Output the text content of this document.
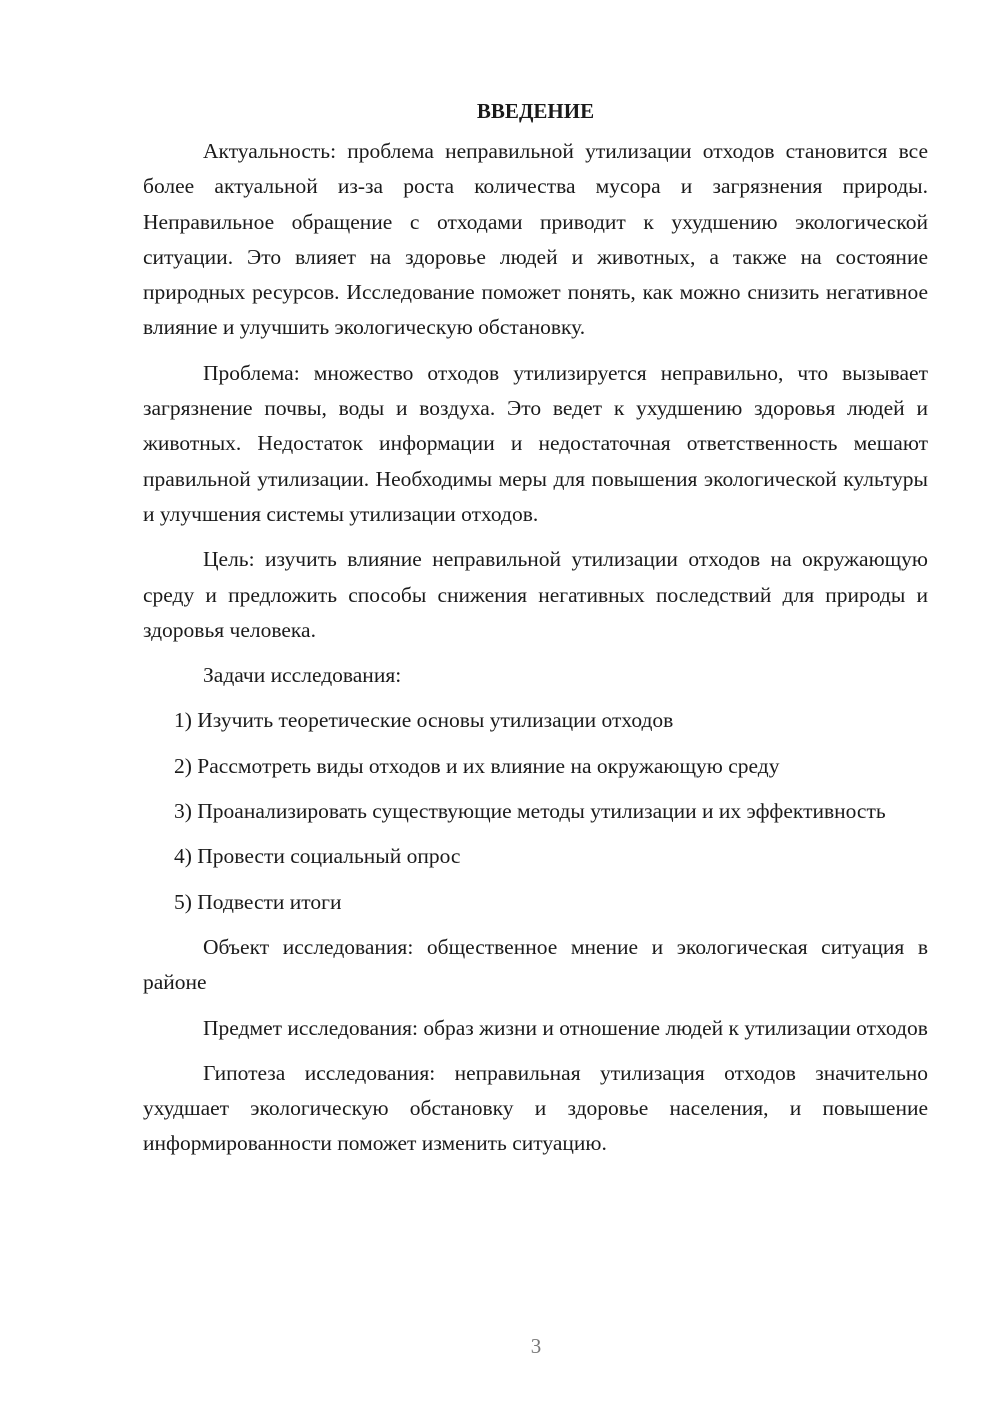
ВВЕДЕНИЕ

Актуальность: проблема неправильной утилизации отходов становится все более актуальной из-за роста количества мусора и загрязнения природы. Неправильное обращение с отходами приводит к ухудшению экологической ситуации. Это влияет на здоровье людей и животных, а также на состояние природных ресурсов. Исследование поможет понять, как можно снизить негативное влияние и улучшить экологическую обстановку.

Проблема: множество отходов утилизируется неправильно, что вызывает загрязнение почвы, воды и воздуха. Это ведет к ухудшению здоровья людей и животных. Недостаток информации и недостаточная ответственность мешают правильной утилизации. Необходимы меры для повышения экологической культуры и улучшения системы утилизации отходов.

Цель: изучить влияние неправильной утилизации отходов на окружающую среду и предложить способы снижения негативных последствий для природы и здоровья человека.

Задачи исследования:

1) Изучить теоретические основы утилизации отходов

2) Рассмотреть виды отходов и их влияние на окружающую среду

3) Проанализировать существующие методы утилизации и их эффективность

4) Провести социальный опрос

5) Подвести итоги

Объект исследования: общественное мнение и экологическая ситуация в районе

Предмет исследования: образ жизни и отношение людей к утилизации отходов

Гипотеза исследования: неправильная утилизация отходов значительно ухудшает экологическую обстановку и здоровье населения, и повышение информированности поможет изменить ситуацию.

3
